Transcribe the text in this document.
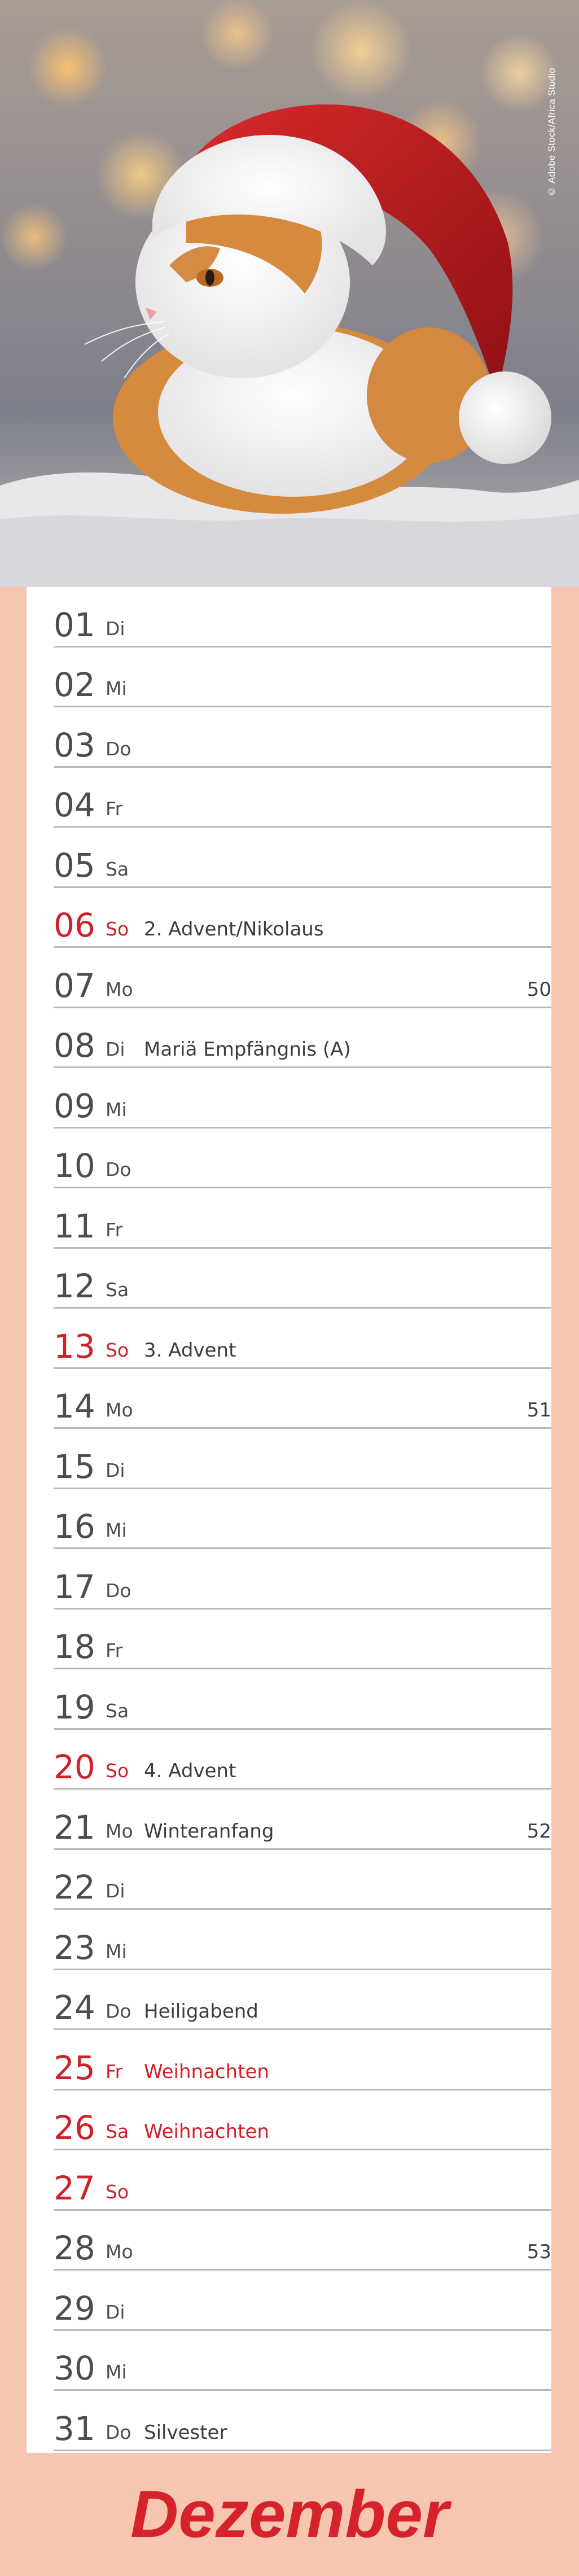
© Adobe Stock/Africa Studio
01 Di
02 Mi
03 Do
04 Fr
05 Sa
06 So 2. Advent/Nikolaus
07 Mo	50
08 Di Mariä Empfängnis (A)
09 Mi
10 Do
11 Fr
12 Sa
13 So 3. Advent
14 Mo	51
15 Di
16 Mi
17 Do
18 Fr
19 Sa
20 So 4. Advent
21 Mo Winteranfang	52
22 Di
23 Mi
24 Do Heiligabend
25 Fr Weihnachten
26 Sa Weihnachten
27 So
28 Mo	53
29 Di
30 Mi
31 Do Silvester
Dezember
